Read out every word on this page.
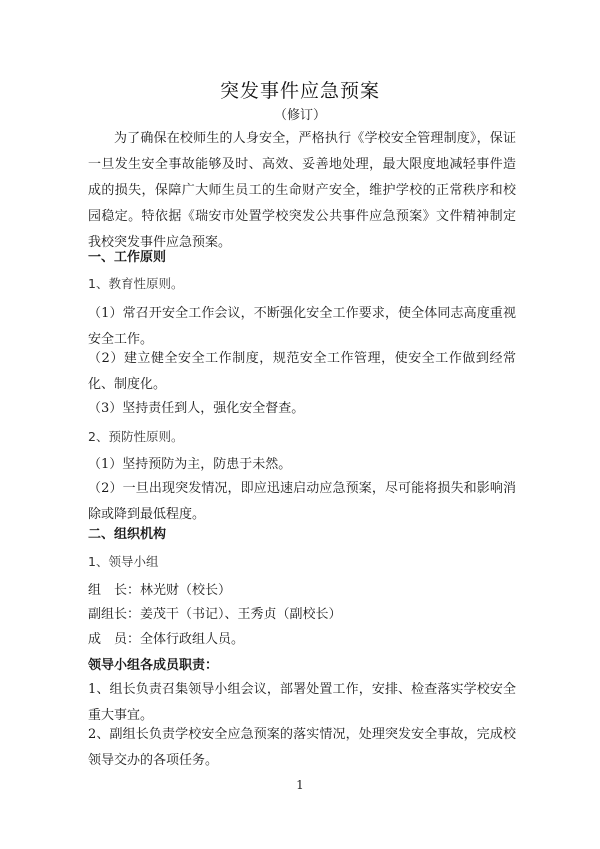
突发事件应急预案
（修订）
为了确保在校师生的人身安全，严格执行《学校安全管理制度》，保证一旦发生安全事故能够及时、高效、妥善地处理，最大限度地减轻事件造成的损失，保障广大师生员工的生命财产安全，维护学校的正常秩序和校园稳定。特依据《瑞安市处置学校突发公共事件应急预案》文件精神制定我校突发事件应急预案。
一、工作原则
1、教育性原则。
（1）常召开安全工作会议，不断强化安全工作要求，使全体同志高度重视安全工作。
（2）建立健全安全工作制度，规范安全工作管理，使安全工作做到经常化、制度化。
（3）坚持责任到人，强化安全督查。
2、预防性原则。
（1）坚持预防为主，防患于未然。
（2）一旦出现突发情况，即应迅速启动应急预案，尽可能将损失和影响消除或降到最低程度。
二、组织机构
1、领导小组
组　长：林光财（校长）
副组长：姜茂干（书记）、王秀贞（副校长）
成　员：全体行政组人员。
领导小组各成员职责：
1、组长负责召集领导小组会议，部署处置工作，安排、检查落实学校安全重大事宜。
2、副组长负责学校安全应急预案的落实情况，处理突发安全事故，完成校领导交办的各项任务。
1
